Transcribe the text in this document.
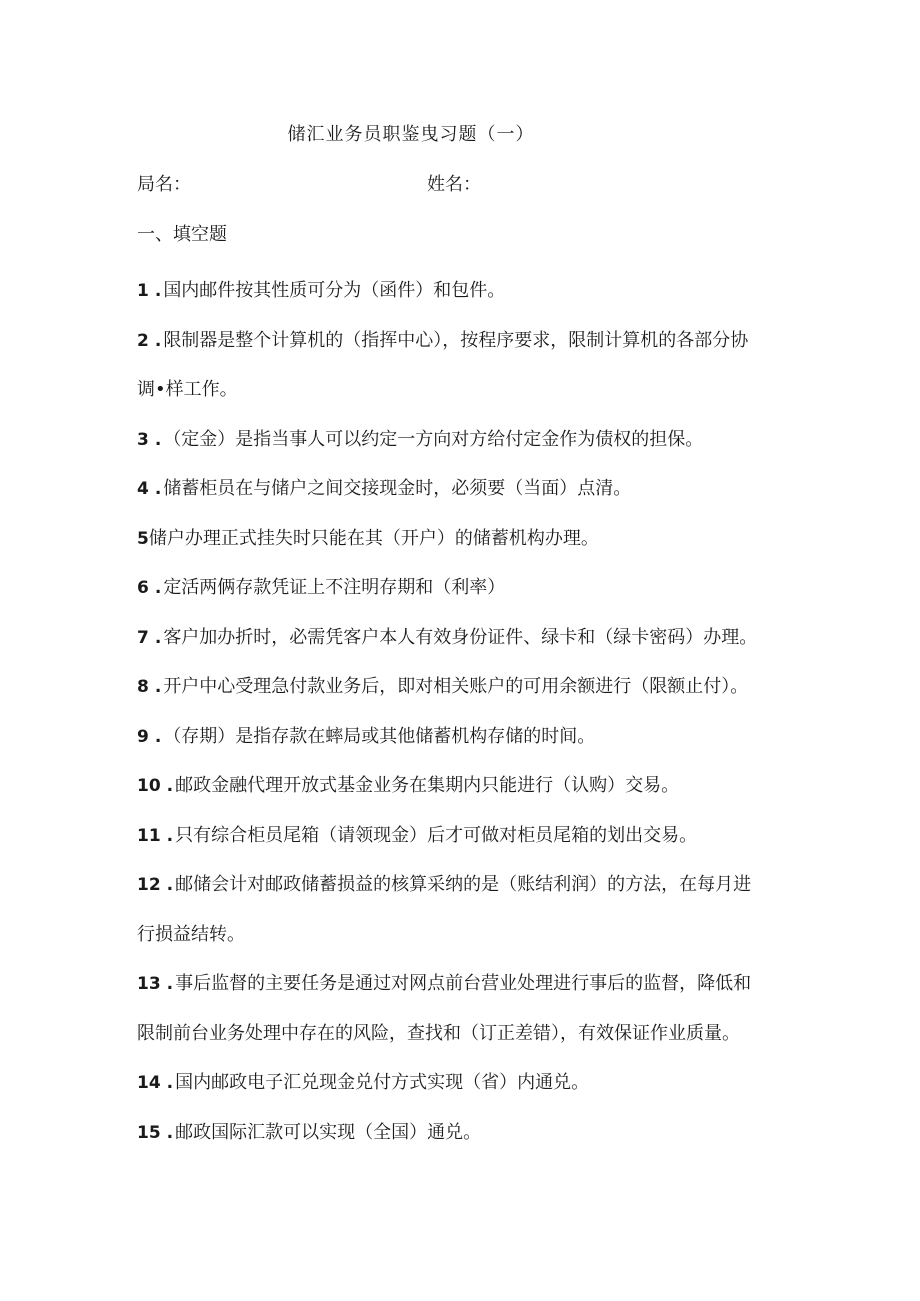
储汇业务员职鉴曳习题（一）
局名：	姓名：
一、填空题
1 . 国内邮件按其性质可分为（函件）和包件。
2 . 限制器是整个计算机的（指挥中心），按程序要求，限制计算机的各部分协
调•样工作。
3 . （定金）是指当事人可以约定一方向对方给付定金作为债权的担保。
4 . 储蓄柜员在与储户之间交接现金时，必须要（当面）点清。
5储户办理正式挂失时只能在其（开户）的储蓄机构办理。
6 . 定活两俩存款凭证上不注明存期和（利率）
7 . 客户加办折时，必需凭客户本人有效身份证件、绿卡和（绿卡密码）办理。
8 . 开户中心受理急付款业务后，即对相关账户的可用余额进行（限额止付）。
9 . （存期）是指存款在蟀局或其他储蓄机构存储的时间。
10 . 邮政金融代理开放式基金业务在集期内只能进行（认购）交易。
11 . 只有综合柜员尾箱（请领现金）后才可做对柜员尾箱的划出交易。
12 . 邮储会计对邮政储蓄损益的核算采纳的是（账结利润）的方法，在每月进
行损益结转。
13 . 事后监督的主要任务是通过对网点前台营业处理进行事后的监督，降低和
限制前台业务处理中存在的风险，查找和（订正差错），有效保证作业质量。
14 . 国内邮政电子汇兑现金兑付方式实现（省）内通兑。
15 . 邮政国际汇款可以实现（全国）通兑。
